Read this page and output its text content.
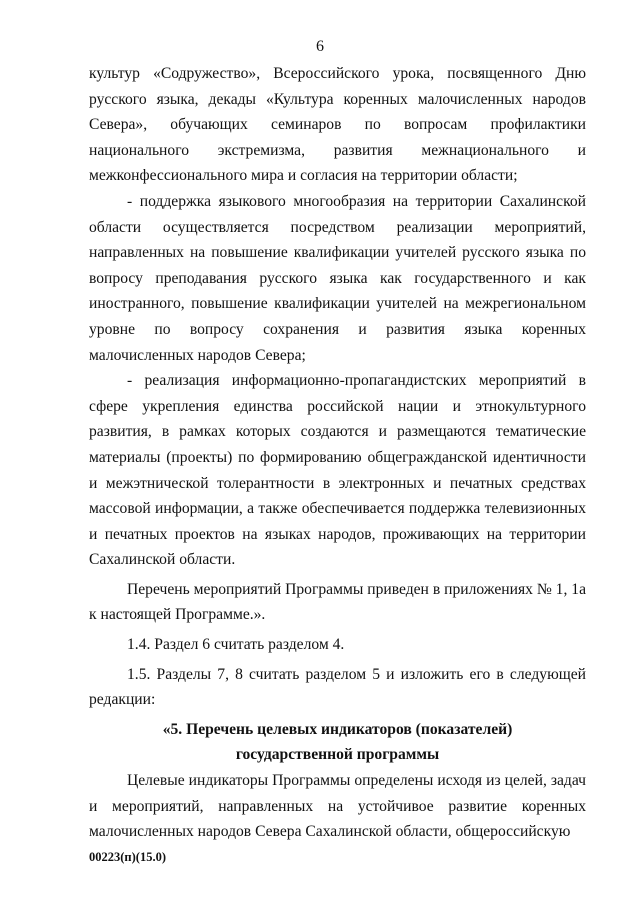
6

культур «Содружество», Всероссийского урока, посвященного Дню русского языка, декады «Культура коренных малочисленных народов Севера», обучающих семинаров по вопросам профилактики национального экстремизма, развития межнационального и межконфессионального мира и согласия на территории области;

- поддержка языкового многообразия на территории Сахалинской области осуществляется посредством реализации мероприятий, направленных на повышение квалификации учителей русского языка по вопросу преподавания русского языка как государственного и как иностранного, повышение квалификации учителей на межрегиональном уровне по вопросу сохранения и развития языка коренных малочисленных народов Севера;

- реализация информационно-пропагандистских мероприятий в сфере укрепления единства российской нации и этнокультурного развития, в рамках которых создаются и размещаются тематические материалы (проекты) по формированию общегражданской идентичности и межэтнической толерантности в электронных и печатных средствах массовой информации, а также обеспечивается поддержка телевизионных и печатных проектов на языках народов, проживающих на территории Сахалинской области.

Перечень мероприятий Программы приведен в приложениях № 1, 1а к настоящей Программе.».

1.4. Раздел 6 считать разделом 4.

1.5. Разделы 7, 8 считать разделом 5 и изложить его в следующей редакции:

«5. Перечень целевых индикаторов (показателей)

государственной программы

Целевые индикаторы Программы определены исходя из целей, задач и мероприятий, направленных на устойчивое развитие коренных малочисленных народов Севера Сахалинской области, общероссийскую

00223(п)(15.0)
